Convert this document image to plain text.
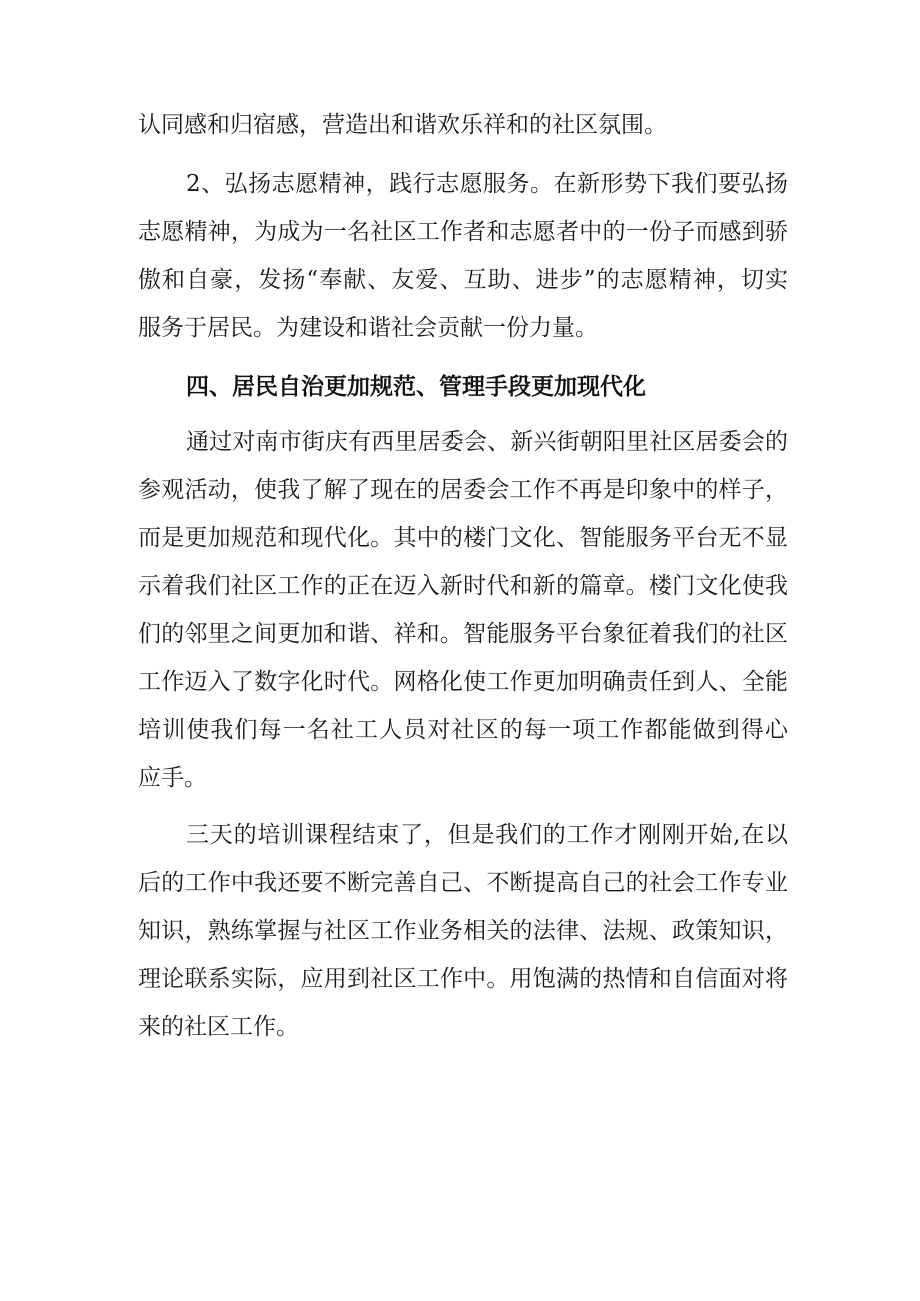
认同感和归宿感，营造出和谐欢乐祥和的社区氛围。
2、弘扬志愿精神，践行志愿服务。在新形势下我们要弘扬
志愿精神，为成为一名社区工作者和志愿者中的一份子而感到骄
傲和自豪，发扬“奉献、友爱、互助、进步”的志愿精神，切实
服务于居民。为建设和谐社会贡献一份力量。
四、居民自治更加规范、管理手段更加现代化
通过对南市街庆有西里居委会、新兴街朝阳里社区居委会的
参观活动，使我了解了现在的居委会工作不再是印象中的样子，
而是更加规范和现代化。其中的楼门文化、智能服务平台无不显
示着我们社区工作的正在迈入新时代和新的篇章。楼门文化使我
们的邻里之间更加和谐、祥和。智能服务平台象征着我们的社区
工作迈入了数字化时代。网格化使工作更加明确责任到人、全能
培训使我们每一名社工人员对社区的每一项工作都能做到得心
应手。
三天的培训课程结束了，但是我们的工作才刚刚开始,在以
后的工作中我还要不断完善自己、不断提高自己的社会工作专业
知识，熟练掌握与社区工作业务相关的法律、法规、政策知识，
理论联系实际，应用到社区工作中。用饱满的热情和自信面对将
来的社区工作。
